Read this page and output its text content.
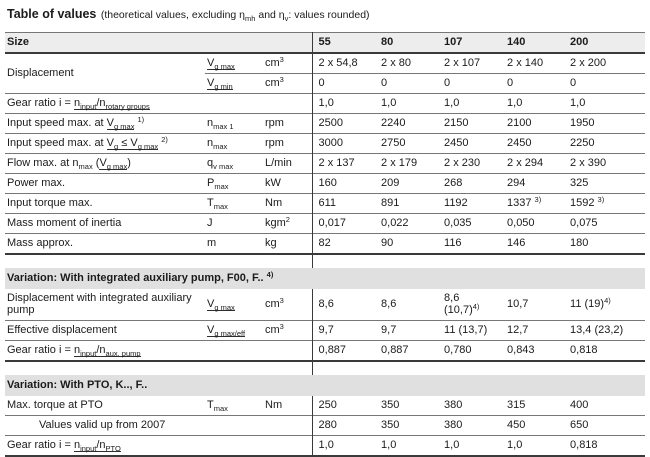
Table of values (theoretical values, excluding $\eta_{mh}$ and $\eta_v$: values rounded)
Size			55	80	107	140	200
Displacement	$V_{g max}$	$cm^3$	2 x 54,8	2 x 80	2 x 107	2 x 140	2 x 200
	$V_{g min}$	$cm^3$	0	0	0	0	0
Gear ratio $i = n_{input}/n_{rotary groups}$			1,0	1,0	1,0	1,0	1,0
Input speed max. at $V_{g max}$ $^{1)}$	$n_{max 1}$	rpm	2500	2240	2150	2100	1950
Input speed max. at $V_g \le V_{g max}$ $^{2)}$	$n_{max}$	rpm	3000	2750	2450	2450	2250
Flow max. at $n_{max}$ $(V_{g max})$	$q_{v max}$	L/min	2 x 137	2 x 179	2 x 230	2 x 294	2 x 390
Power max.	$P_{max}$	kW	160	209	268	294	325
Input torque max.	$T_{max}$	Nm	611	891	1192	1337 $^{3)}$	1592 $^{3)}$
Mass moment of inertia	J	kgm$^2$	0,017	0,022	0,035	0,050	0,075
Mass approx.	m	kg	82	90	116	146	180

Variation: With integrated auxiliary pump, F00, F.. $^{4)}$
Displacement with integrated auxiliary pump	$V_{g max}$	$cm^3$	8,6	8,6	8,6 $(10,7)^{4)}$	10,7	11 $(19)^{4)}$
Effective displacement	$V_{g max/eff}$	$cm^3$	9,7	9,7	11 (13,7)	12,7	13,4 (23,2)
Gear ratio $i = n_{input}/n_{aux. pump}$			0,887	0,887	0,780	0,843	0,818

Variation: With PTO, K.., F..							
Max. torque at PTO	$T_{max}$	Nm	250	350	380	315	400
Values valid up from 2007			280	350	380	450	650
Gear ratio $i = n_{input}/n_{PTO}$			1,0	1,0	1,0	1,0	0,818
